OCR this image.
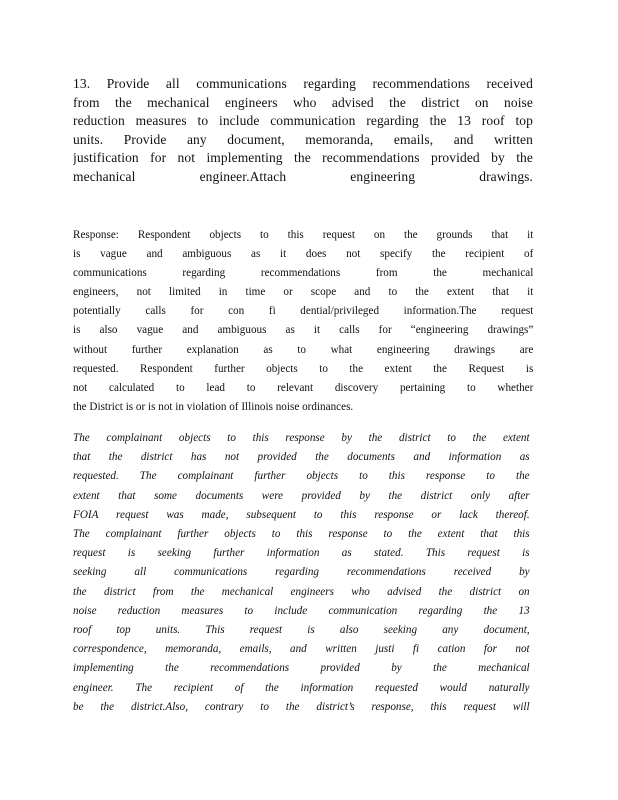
13. Provide all communications regarding recommendations received
from the mechanical engineers who advised the district on noise
reduction measures to include communication regarding the 13 roof top
units. Provide any document, memoranda, emails, and written
justification for not implementing the recommendations provided by the
mechanical engineer.Attach engineering drawings.
Response: Respondent objects to this request on the grounds that it
is vague and ambiguous as it does not specify the recipient of
communications regarding recommendations from the mechanical
engineers, not limited in time or scope and to the extent that it
potentially calls for con fi dential/privileged information.The request
is also vague and ambiguous as it calls for “engineering drawings”
without further explanation as to what engineering drawings are
requested. Respondent further objects to the extent the Request is
not calculated to lead to relevant discovery pertaining to whether
the District is or is not in violation of Illinois noise ordinances.
The complainant objects to this response by the district to the extent
that the district has not provided the documents and information as
requested. The complainant further objects to this response to the
extent that some documents were provided by the district only after
FOIA request was made, subsequent to this response or lack thereof.
The complainant further objects to this response to the extent that this
request is seeking further information as stated. This request is
seeking all communications regarding recommendations received by
the district from the mechanical engineers who advised the district on
noise reduction measures to include communication regarding the 13
roof top units. This request is also seeking any document,
correspondence, memoranda, emails, and written justi fi cation for not
implementing the recommendations provided by the mechanical
engineer. The recipient of the information requested would naturally
be the district.Also, contrary to the district’s response, this request will
